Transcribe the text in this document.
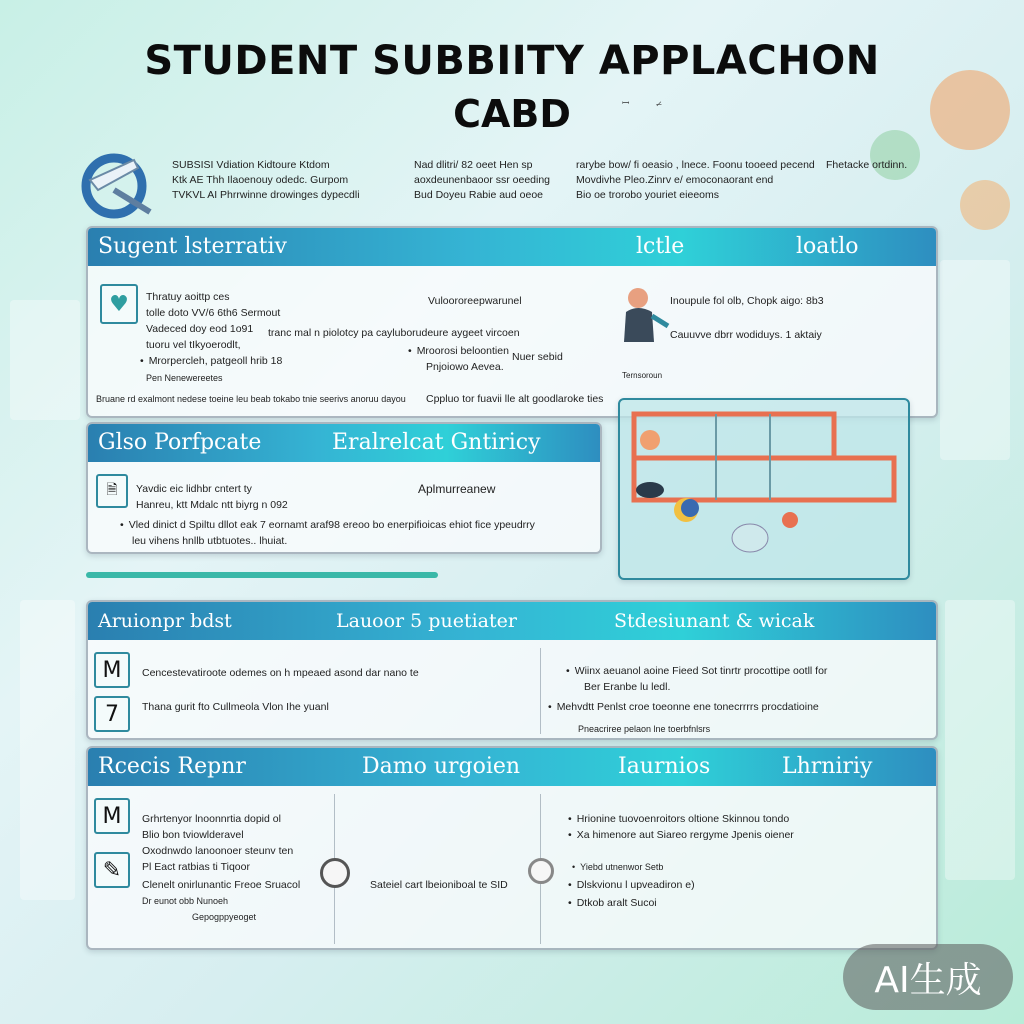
STUDENT SUBBIITY APPLACHON
CABD	ꟷ    ̷̶
SUBSISI Vdiation Kidtoure Ktdom
Ktk AE Thh Ilaoenouy odedc. Gurpom
TVKVL AI Phrrwinne drowinges dypecdli
Nad dlitri/ 82 oeet Hen sp
aoxdeunenbaoor ssr oeeding
Bud Doyeu Rabie aud oeoe
rarybe bow/ fi oeasio , lnece. Foonu tooeed pecend
Movdivhe Pleo.Zinrv e/ emoconaorant end
Bio oe trorobo youriet eieeoms
Fhetacke ortdinn.
Sugent lsterrativ	lctle	loatlo
♥	Thratuy aoittp ces
tolle doto VV/6 6th6 Sermout
Vadeced doy eod 1o91
tuoru vel tIkyoerodlt,
• Mrorpercleh, patgeoll hrib 18
Pen Nenewereetes
Vuloororeepwarunel
tranc mal n piolotcy pa cayluborudeure aygeet vircoen
• Mroorosi beloontien
Pnjoiowo Aevea.
Nuer sebid
Bruane rd exalmont nedese toeine leu beab tokabo tnie seerivs anoruu dayou
Inoupule fol olb, Chopk aigo: 8b3
Cauuvve dbrr wodiduys. 1 aktaiy
Ternsoroun
Cppluo tor fuavii lle alt goodlaroke ties
Glso Porfpcate	Eralrelcat Gntiricy
🗎	Yavdic eic lidhbr cntert ty
Hanreu, ktt Mdalc ntt biyrg n 092
Aplmurreanew
• Vled dinict d Spiltu dllot eak 7 eornamt araf98 ereoo bo enerpifioicas ehiot fice ypeudrry
leu vihens hnllb utbtuotes.. lhuiat.
Aruionpr bdst	Lauoor 5 puetiater	Stdesiunant & wicak
M
7
Cencestevatiroote odemes on h mpeaed asond dar nano te
Thana gurit fto Cullmeola Vlon Ihe yuanl
• Wiinx aeuanol aoine Fieed Sot tinrtr procottipe ootll for
Ber Eranbe lu ledl.
• Mehvdtt Penlst croe toeonne ene tonecrrrrs procdatioine
Pneacriree pelaon lne toerbfnlsrs
Rcecis Repnr	Damo urgoien	Iaurnios	Lhrniriy
M
✎
Grhrtenyor lnoonnrtia dopid ol
Blio bon tviowlderavel
Oxodnwdo lanoonoer steunv ten
Pl Eact ratbias ti Tiqoor
Clenelt onirlunantic Freoe Sruacol
Dr eunot obb Nunoeh
Gepogppyeoget
Sateiel cart lbeioniboal te SID
• Hrionine tuovoenroitors oltione Skinnou tondo
• Xa himenore aut Siareo rergyme Jpenis oiener
• Yiebd utnenwor Setb
• Dlskvionu l upveadiron e)
• Dtkob aralt Sucoi
AI生成
